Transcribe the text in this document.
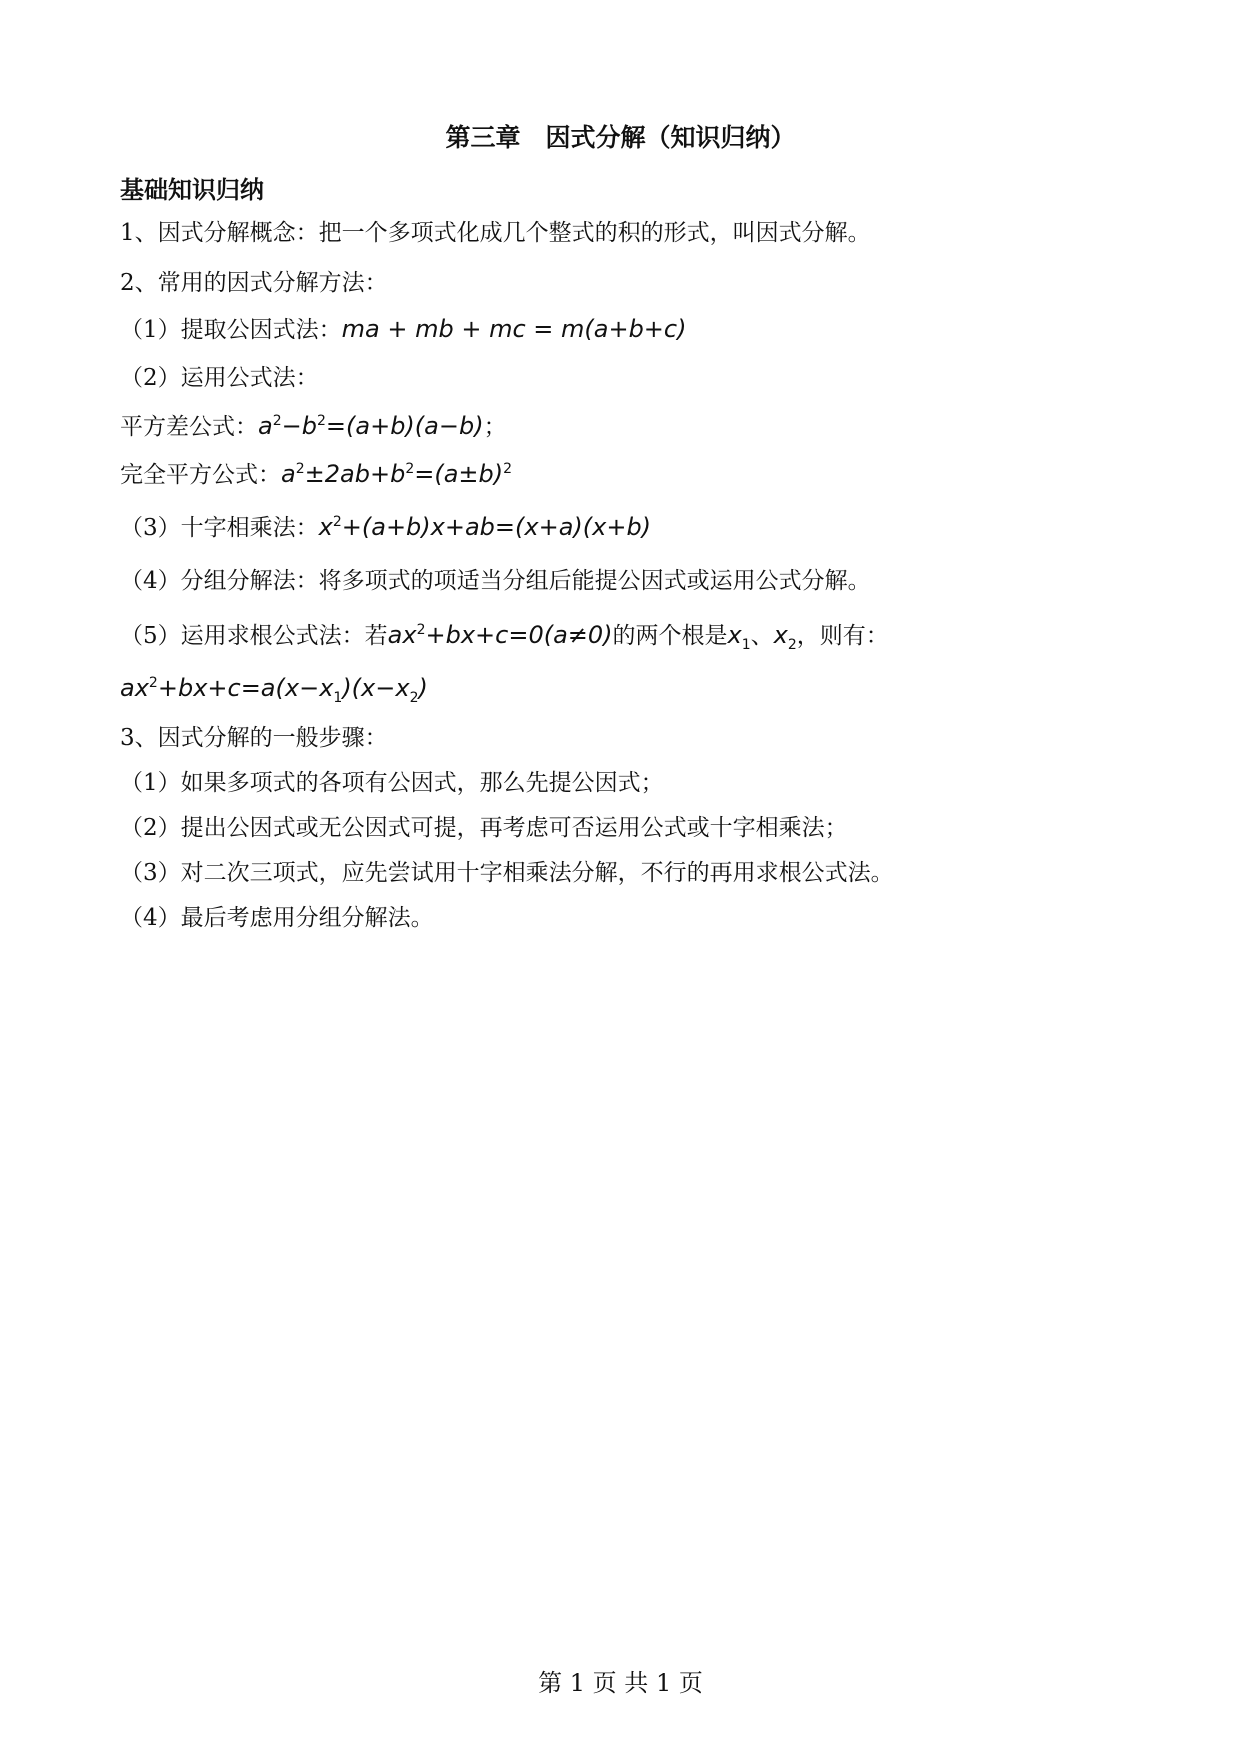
第三章　因式分解（知识归纳）
基础知识归纳
1、因式分解概念：把一个多项式化成几个整式的积的形式，叫因式分解。
2、常用的因式分解方法：
（1）提取公因式法：ma + mb + mc = m(a+b+c)
（2）运用公式法：
平方差公式：$a^2-b^2=(a+b)(a-b)$；
完全平方公式：$a^2\pm 2ab+b^2=(a\pm b)^2$
（3）十字相乘法：$x^2+(a+b)x+ab=(x+a)(x+b)$
（4）分组分解法：将多项式的项适当分组后能提公因式或运用公式分解。
（5）运用求根公式法：若$ax^2+bx+c=0(a\ne 0)$的两个根是$x_1$、$x_2$，则有：
$ax^2+bx+c=a(x-x_1)(x-x_2)$
3、因式分解的一般步骤：
（1）如果多项式的各项有公因式，那么先提公因式；
（2）提出公因式或无公因式可提，再考虑可否运用公式或十字相乘法；
（3）对二次三项式，应先尝试用十字相乘法分解，不行的再用求根公式法。
（4）最后考虑用分组分解法。
第 1 页 共 1 页
